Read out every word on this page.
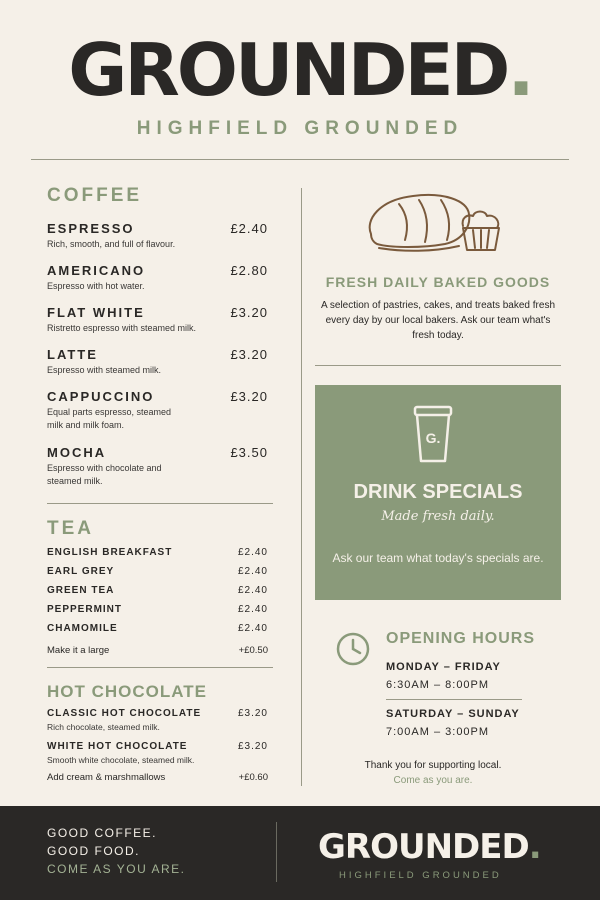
GROUNDED.
HIGHFIELD GROUNDED
COFFEE
ESPRESSO	£2.40
Rich, smooth, and full of flavour.
AMERICANO	£2.80
Espresso with hot water.
FLAT WHITE	£3.20
Ristretto espresso with steamed milk.
LATTE	£3.20
Espresso with steamed milk.
CAPPUCCINO	£3.20
Equal parts espresso, steamed milk and milk foam.
MOCHA	£3.50
Espresso with chocolate and steamed milk.
TEA
ENGLISH BREAKFAST	£2.40
EARL GREY	£2.40
GREEN TEA	£2.40
PEPPERMINT	£2.40
CHAMOMILE	£2.40
Make it a large	+£0.50
HOT CHOCOLATE
CLASSIC HOT CHOCOLATE	£3.20
Rich chocolate, steamed milk.
WHITE HOT CHOCOLATE	£3.20
Smooth white chocolate, steamed milk.
Add cream & marshmallows	+£0.60
FRESH DAILY BAKED GOODS
A selection of pastries, cakes, and treats baked fresh every day by our local bakers. Ask our team what's fresh today.
G.
DRINK SPECIALS
Made fresh daily.
Ask our team what today's specials are.
OPENING HOURS
MONDAY – FRIDAY
6:30AM – 8:00PM
SATURDAY – SUNDAY
7:00AM – 3:00PM
Thank you for supporting local.
Come as you are.
GOOD COFFEE.
GOOD FOOD.
COME AS YOU ARE.
GROUNDED.
HIGHFIELD GROUNDED
